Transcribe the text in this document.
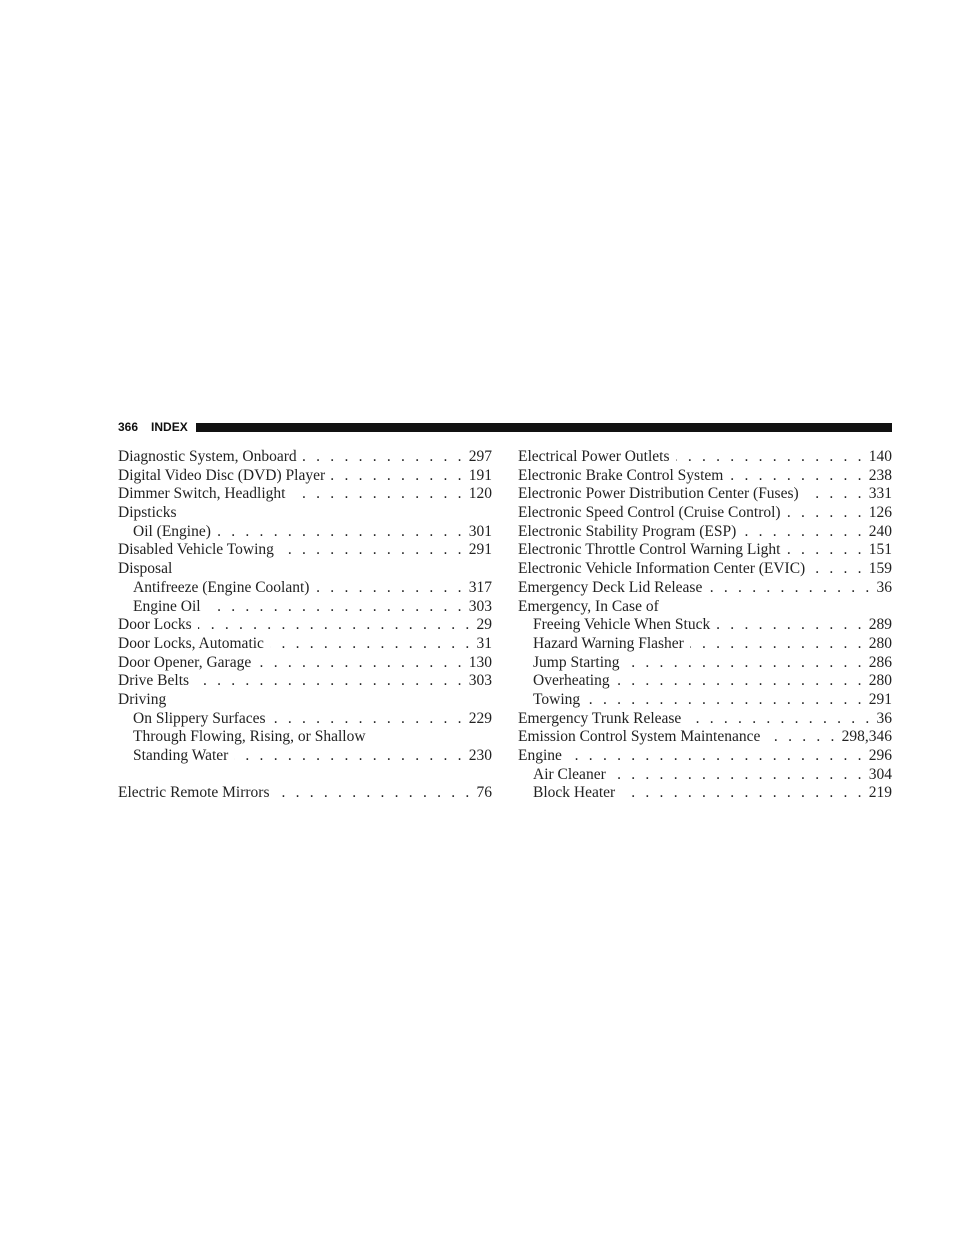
366 INDEX
Diagnostic System, Onboard . . .	297
Digital Video Disc (DVD) Player . . .	191
Dimmer Switch, Headlight . . .	120
Dipsticks
Oil (Engine) . . .	301
Disabled Vehicle Towing . . .	291
Disposal
Antifreeze (Engine Coolant) . . .	317
Engine Oil . . .	303
Door Locks . . .	29
Door Locks, Automatic . . .	31
Door Opener, Garage . . .	130
Drive Belts . . .	303
Driving
On Slippery Surfaces . . .	229
Through Flowing, Rising, or Shallow
Standing Water . . .	230
Electric Remote Mirrors . . .	76
Electrical Power Outlets . . .	140
Electronic Brake Control System . . .	238
Electronic Power Distribution Center (Fuses) . . .	331
Electronic Speed Control (Cruise Control) . . .	126
Electronic Stability Program (ESP) . . .	240
Electronic Throttle Control Warning Light . . .	151
Electronic Vehicle Information Center (EVIC) . . .	159
Emergency Deck Lid Release . . .	36
Emergency, In Case of
Freeing Vehicle When Stuck . . .	289
Hazard Warning Flasher . . .	280
Jump Starting . . .	286
Overheating . . .	280
Towing . . .	291
Emergency Trunk Release . . .	36
Emission Control System Maintenance . . .	298,346
Engine . . .	296
Air Cleaner . . .	304
Block Heater . . .	219
